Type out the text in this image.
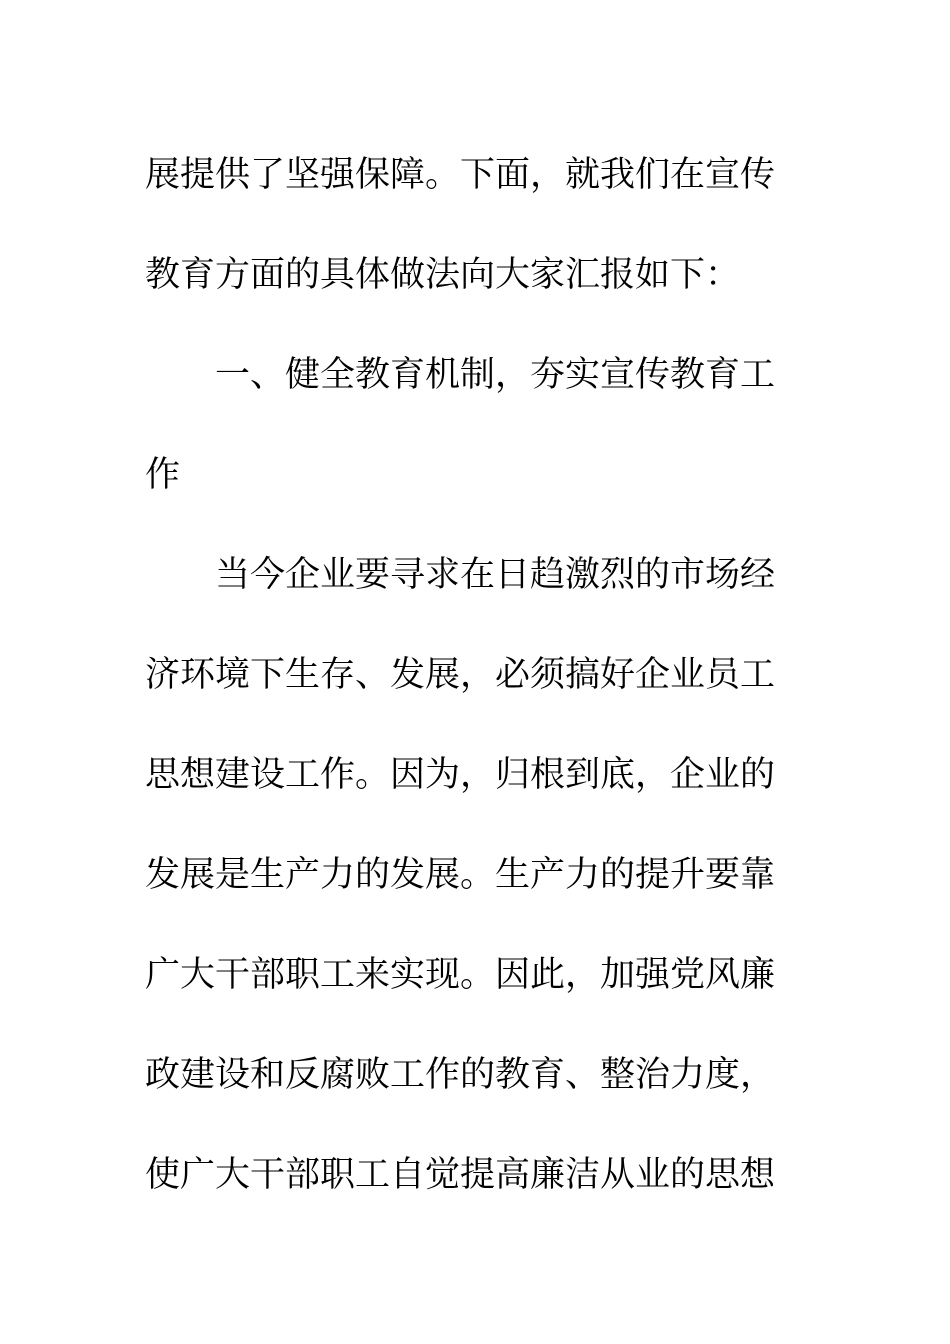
展提供了坚强保障。下面，就我们在宣传
教育方面的具体做法向大家汇报如下：
一、健全教育机制，夯实宣传教育工
作
当今企业要寻求在日趋激烈的市场经
济环境下生存、发展，必须搞好企业员工
思想建设工作。因为，归根到底，企业的
发展是生产力的发展。生产力的提升要靠
广大干部职工来实现。因此，加强党风廉
政建设和反腐败工作的教育、整治力度，
使广大干部职工自觉提高廉洁从业的思想
